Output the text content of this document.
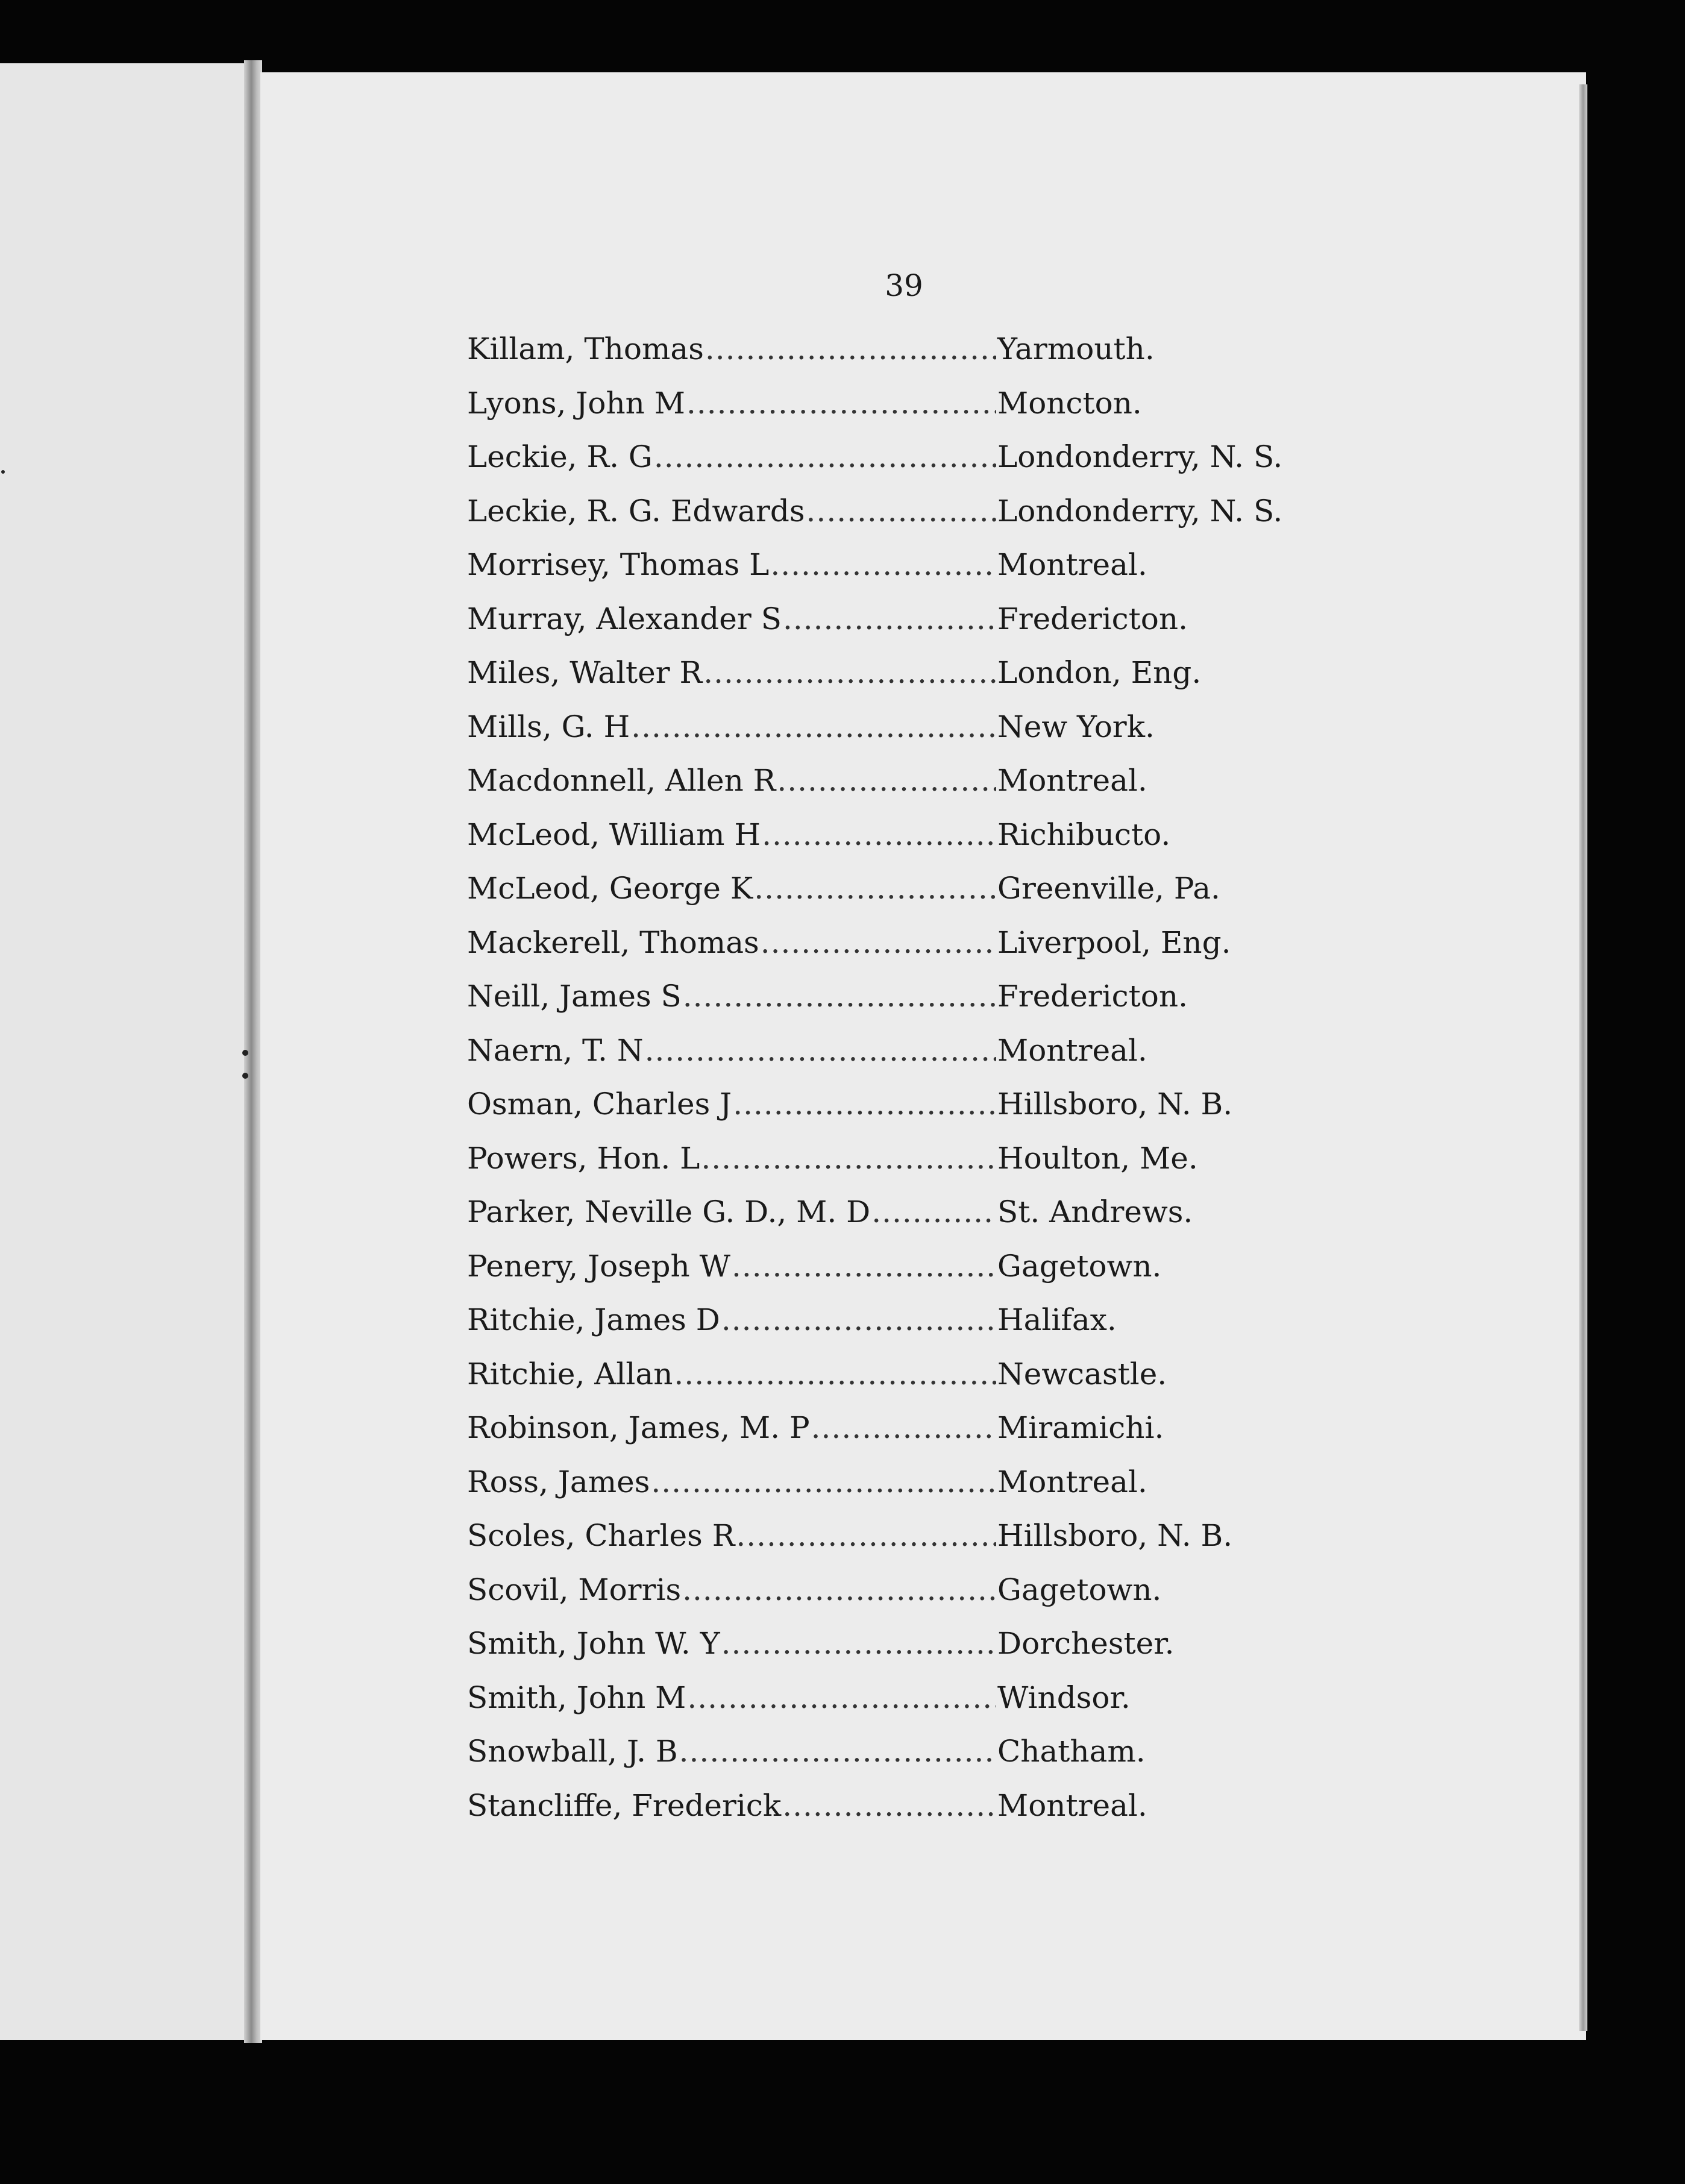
39
Killam, Thomas .....	Yarmouth.
Lyons, John M .....	Moncton.
Leckie, R. G .....	Londonderry, N. S.
Leckie, R. G. Edwards .....	Londonderry, N. S.
Morrisey, Thomas L .....	Montreal.
Murray, Alexander S .....	Fredericton.
Miles, Walter R .....	London, Eng.
Mills, G. H .....	New York.
Macdonnell, Allen R .....	Montreal.
McLeod, William H .....	Richibucto.
McLeod, George K .....	Greenville, Pa.
Mackerell, Thomas .....	Liverpool, Eng.
Neill, James S .....	Fredericton.
Naern, T. N .....	Montreal.
Osman, Charles J .....	Hillsboro, N. B.
Powers, Hon. L .....	Houlton, Me.
Parker, Neville G. D., M. D .....	St. Andrews.
Penery, Joseph W .....	Gagetown.
Ritchie, James D .....	Halifax.
Ritchie, Allan .....	Newcastle.
Robinson, James, M. P .....	Miramichi.
Ross, James .....	Montreal.
Scoles, Charles R .....	Hillsboro, N. B.
Scovil, Morris .....	Gagetown.
Smith, John W. Y .....	Dorchester.
Smith, John M .....	Windsor.
Snowball, J. B .....	Chatham.
Stancliffe, Frederick .....	Montreal.
